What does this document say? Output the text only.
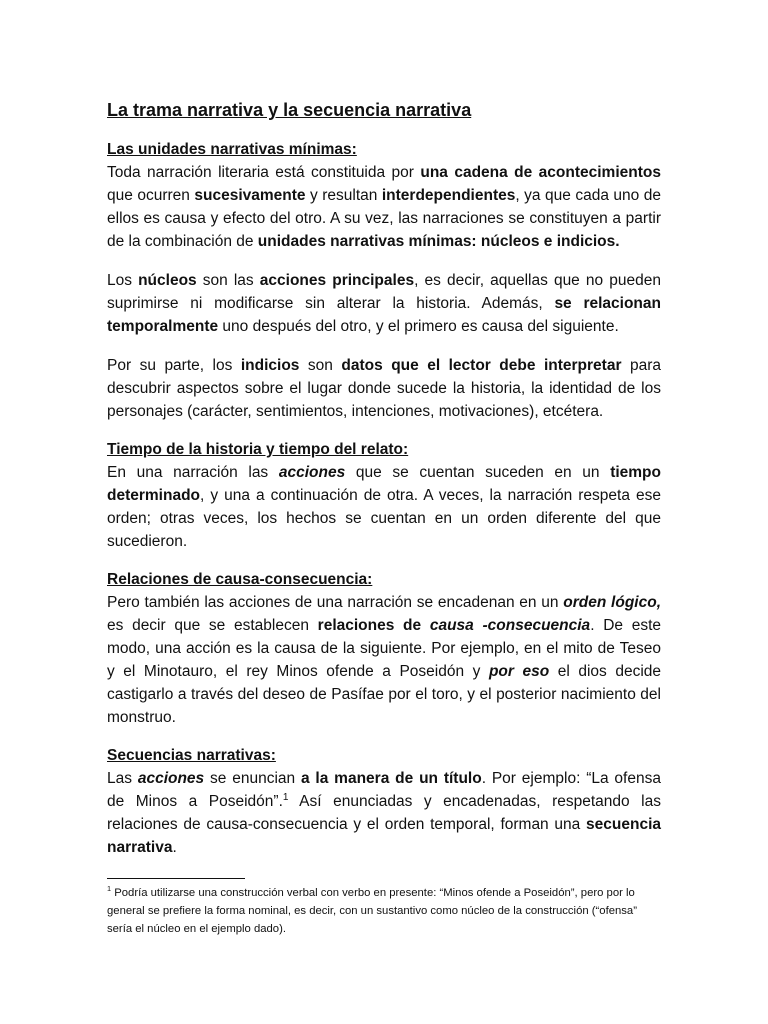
La trama narrativa y la secuencia narrativa
Las unidades narrativas mínimas:

Toda narración literaria está constituida por una cadena de acontecimientos que ocurren sucesivamente y resultan interdependientes, ya que cada uno de ellos es causa y efecto del otro. A su vez, las narraciones se constituyen a partir de la combinación de unidades narrativas mínimas: núcleos e indicios.

Los núcleos son las acciones principales, es decir, aquellas que no pueden suprimirse ni modificarse sin alterar la historia. Además, se relacionan temporalmente uno después del otro, y el primero es causa del siguiente.

Por su parte, los indicios son datos que el lector debe interpretar para descubrir aspectos sobre el lugar donde sucede la historia, la identidad de los personajes (carácter, sentimientos, intenciones, motivaciones), etcétera.

Tiempo de la historia y tiempo del relato:

En una narración las acciones que se cuentan suceden en un tiempo determinado, y una a continuación de otra. A veces, la narración respeta ese orden; otras veces, los hechos se cuentan en un orden diferente del que sucedieron.

Relaciones de causa-consecuencia:

Pero también las acciones de una narración se encadenan en un orden lógico, es decir que se establecen relaciones de causa -consecuencia. De este modo, una acción es la causa de la siguiente. Por ejemplo, en el mito de Teseo y el Minotauro, el rey Minos ofende a Poseidón y por eso el dios decide castigarlo a través del deseo de Pasífae por el toro, y el posterior nacimiento del monstruo.

Secuencias narrativas:

Las acciones se enuncian a la manera de un título. Por ejemplo: “La ofensa de Minos a Poseidón”.$^1$ Así enunciadas y encadenadas, respetando las relaciones de causa-consecuencia y el orden temporal, forman una secuencia narrativa.

$^1$ Podría utilizarse una construcción verbal con verbo en presente: “Minos ofende a Poseidón”, pero por lo general se prefiere la forma nominal, es decir, con un sustantivo como núcleo de la construcción (“ofensa” sería el núcleo en el ejemplo dado).
